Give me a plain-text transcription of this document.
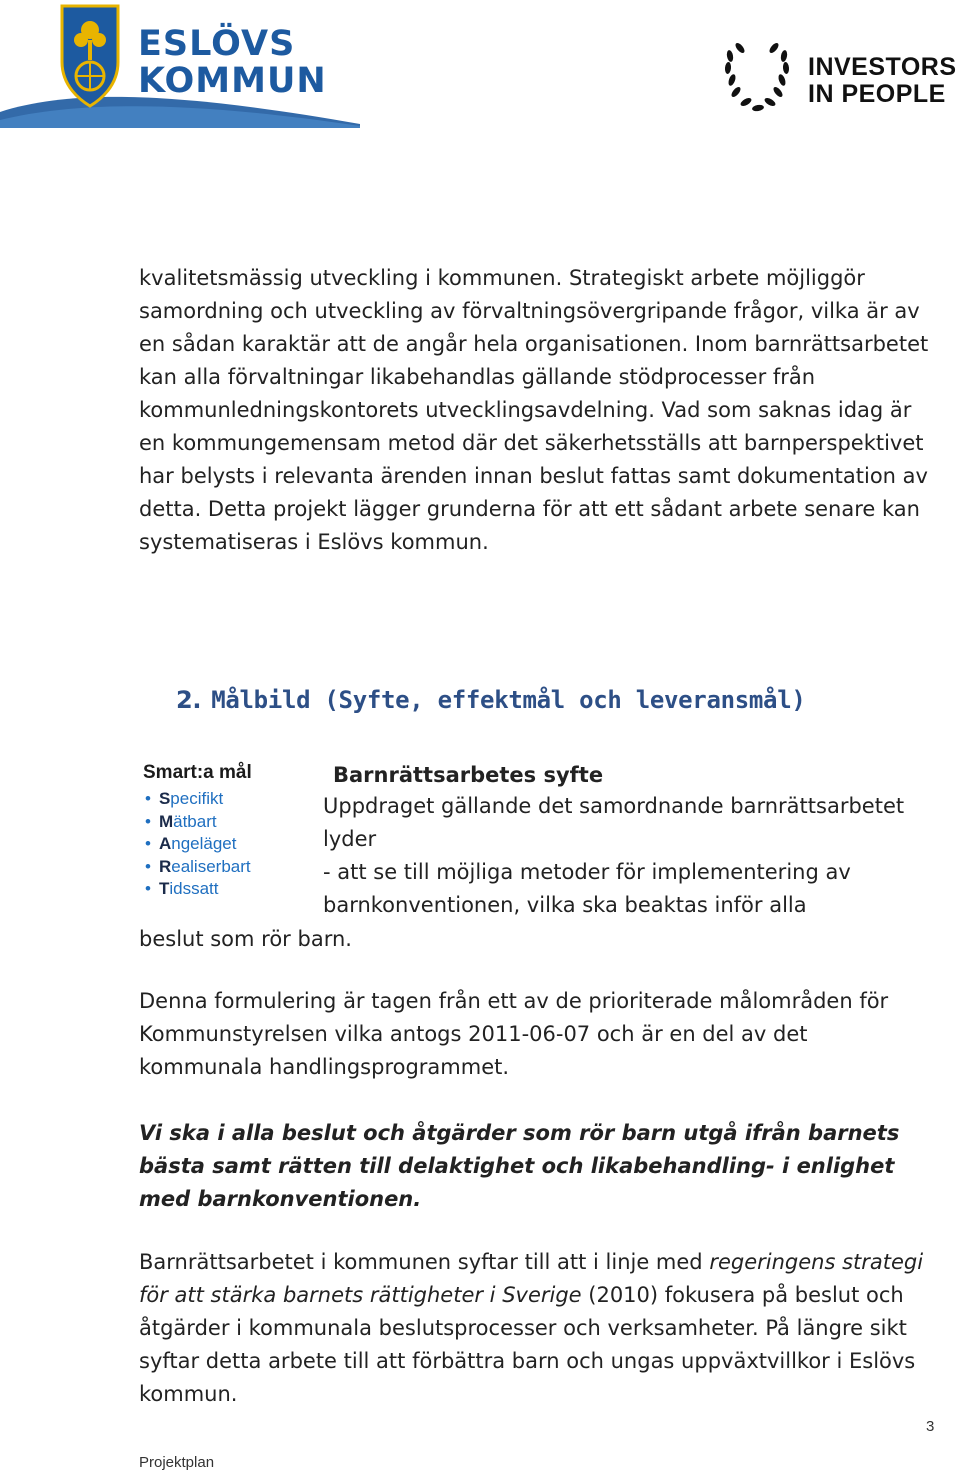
ESLÖVS
KOMMUN	INVESTORS
IN PEOPLE

kvalitetsmässig utveckling i kommunen. Strategiskt arbete möjliggör samordning och utveckling av förvaltningsövergripande frågor, vilka är av en sådan karaktär att de angår hela organisationen. Inom barnrättsarbetet kan alla förvaltningar likabehandlas gällande stödprocesser från kommunledningskontorets utvecklingsavdelning. Vad som saknas idag är en kommungemensam metod där det säkerhetsställs att barnperspektivet har belysts i relevanta ärenden innan beslut fattas samt dokumentation av detta. Detta projekt lägger grunderna för att ett sådant arbete senare kan systematiseras i Eslövs kommun.

2. Målbild (Syfte, effektmål och leveransmål)
Smart:a mål
• Specifikt
• Mätbart
• Angeläget
• Realiserbart
• Tidssatt
Barnrättsarbetes syfte

Uppdraget gällande det samordnande barnrättsarbetet lyder

- att se till möjliga metoder för implementering av barnkonventionen, vilka ska beaktas inför alla

beslut som rör barn.

Denna formulering är tagen från ett av de prioriterade målområden för Kommunstyrelsen vilka antogs 2011-06-07 och är en del av det kommunala handlingsprogrammet.

Vi ska i alla beslut och åtgärder som rör barn utgå ifrån barnets bästa samt rätten till delaktighet och likabehandling- i enlighet med barnkonventionen.

Barnrättsarbetet i kommunen syftar till att i linje med regeringens strategi för att stärka barnets rättigheter i Sverige (2010) fokusera på beslut och åtgärder i kommunala beslutsprocesser och verksamheter. På längre sikt syftar detta arbete till att förbättra barn och ungas uppväxtvillkor i Eslövs kommun.

3
Projektplan
